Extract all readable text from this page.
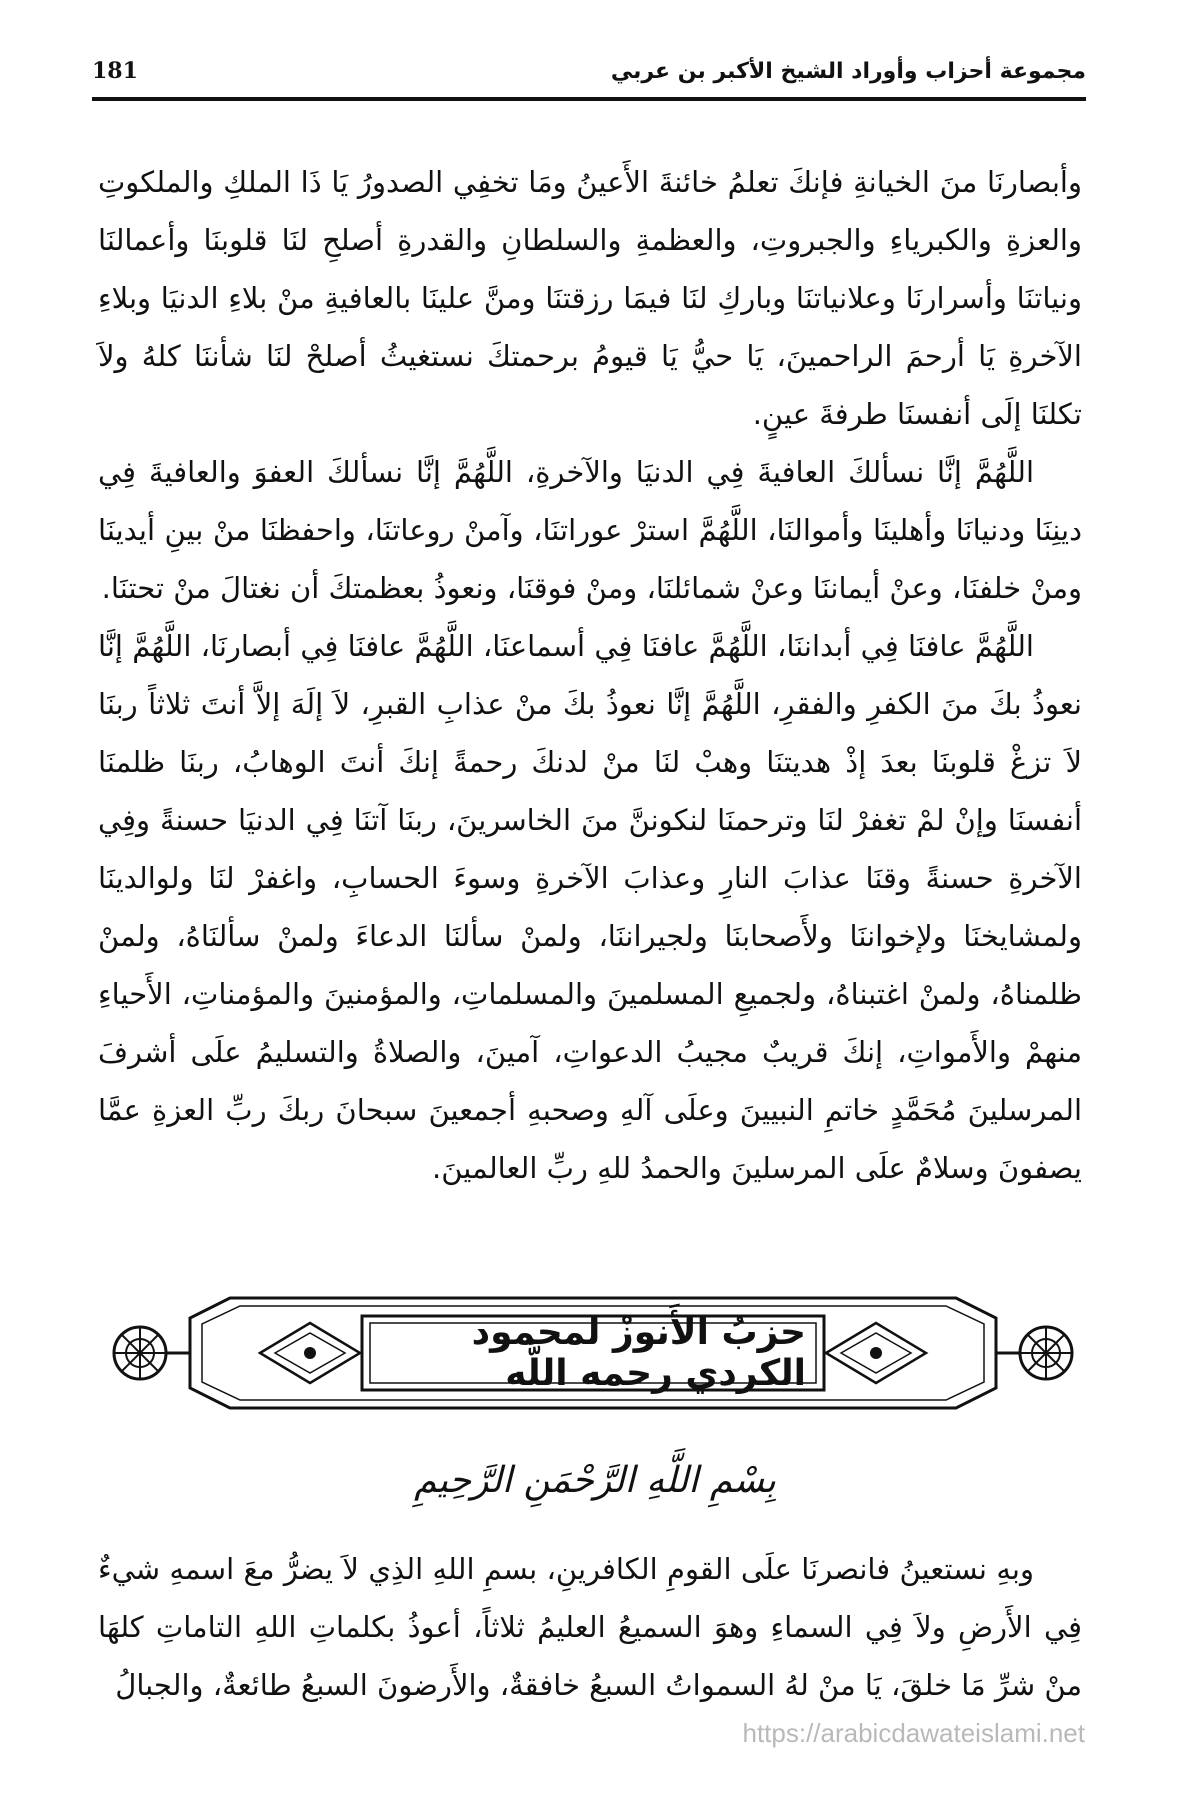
181	مجموعة أحزاب وأوراد الشيخ الأكبر بن عربي

وأبصارنَا منَ الخيانةِ فإنكَ تعلمُ خائنةَ الأَعينُ ومَا تخفِي الصدورُ يَا ذَا الملكِ والملكوتِ والعزةِ والكبرياءِ والجبروتِ، والعظمةِ والسلطانِ والقدرةِ أصلحِ لنَا قلوبنَا وأعمالنَا ونياتنَا وأسرارنَا وعلانياتنَا وباركِ لنَا فيمَا رزقتنَا ومنَّ علينَا بالعافيةِ منْ بلاءِ الدنيَا وبلاءِ الآخرةِ يَا أرحمَ الراحمينَ، يَا حيُّ يَا قيومُ برحمتكَ نستغيثُ أصلحْ لنَا شأننَا كلهُ ولاَ تكلنَا إلَى أنفسنَا طرفةَ عينٍ.

اللَّهُمَّ إنَّا نسألكَ العافيةَ فِي الدنيَا والآخرةِ، اللَّهُمَّ إنَّا نسألكَ العفوَ والعافيةَ فِي دينِنَا ودنيانَا وأهلينَا وأموالنَا، اللَّهُمَّ استرْ عوراتنَا، وآمنْ روعاتنَا، واحفظنَا منْ بينِ أيدينَا ومنْ خلفنَا، وعنْ أيماننَا وعنْ شمائلنَا، ومنْ فوقنَا، ونعوذُ بعظمتكَ أن نغتالَ منْ تحتنَا.

اللَّهُمَّ عافنَا فِي أبداننَا، اللَّهُمَّ عافنَا فِي أسماعنَا، اللَّهُمَّ عافنَا فِي أبصارنَا، اللَّهُمَّ إنَّا نعوذُ بكَ منَ الكفرِ والفقرِ، اللَّهُمَّ إنَّا نعوذُ بكَ منْ عذابِ القبرِ، لاَ إلَهَ إلاَّ أنتَ ثلاثاً ربنَا لاَ تزغْ قلوبنَا بعدَ إذْ هديتنَا وهبْ لنَا منْ لدنكَ رحمةً إنكَ أنتَ الوهابُ، ربنَا ظلمنَا أنفسنَا وإنْ لمْ تغفرْ لنَا وترحمنَا لنكوننَّ منَ الخاسرينَ، ربنَا آتنَا فِي الدنيَا حسنةً وفِي الآخرةِ حسنةً وقنَا عذابَ النارِ وعذابَ الآخرةِ وسوءَ الحسابِ، واغفرْ لنَا ولوالدينَا ولمشايخنَا ولإخواننَا ولأَصحابنَا ولجيراننَا، ولمنْ سألنَا الدعاءَ ولمنْ سألنَاهُ، ولمنْ ظلمناهُ، ولمنْ اغتبناهُ، ولجميعِ المسلمينَ والمسلماتِ، والمؤمنينَ والمؤمناتِ، الأَحياءِ منهمْ والأَمواتِ، إنكَ قريبٌ مجيبُ الدعواتِ، آمينَ، والصلاةُ والتسليمُ علَى أشرفَ المرسلينَ مُحَمَّدٍ خاتمِ النبيينَ وعلَى آلهِ وصحبهِ أجمعينَ سبحانَ ربكَ ربِّ العزةِ عمَّا يصفونَ وسلامٌ علَى المرسلينَ والحمدُ للهِ ربِّ العالمينَ.

حزبُ الأَنوزْ لمحمود الكردي رحمه اللَّه
بِسْمِ اللَّهِ الرَّحْمَنِ الرَّحِيمِ

وبهِ نستعينُ فانصرنَا علَى القومِ الكافرينِ، بسمِ اللهِ الذِي لاَ يضرُّ معَ اسمهِ شيءٌ فِي الأَرضِ ولاَ فِي السماءِ وهوَ السميعُ العليمُ ثلاثاً، أعوذُ بكلماتِ اللهِ التاماتِ كلهَا منْ شرِّ مَا خلقَ، يَا منْ لهُ السمواتُ السبعُ خافقةٌ، والأَرضونَ السبعُ طائعةٌ، والجبالُ

https://arabicdawateislami.net
